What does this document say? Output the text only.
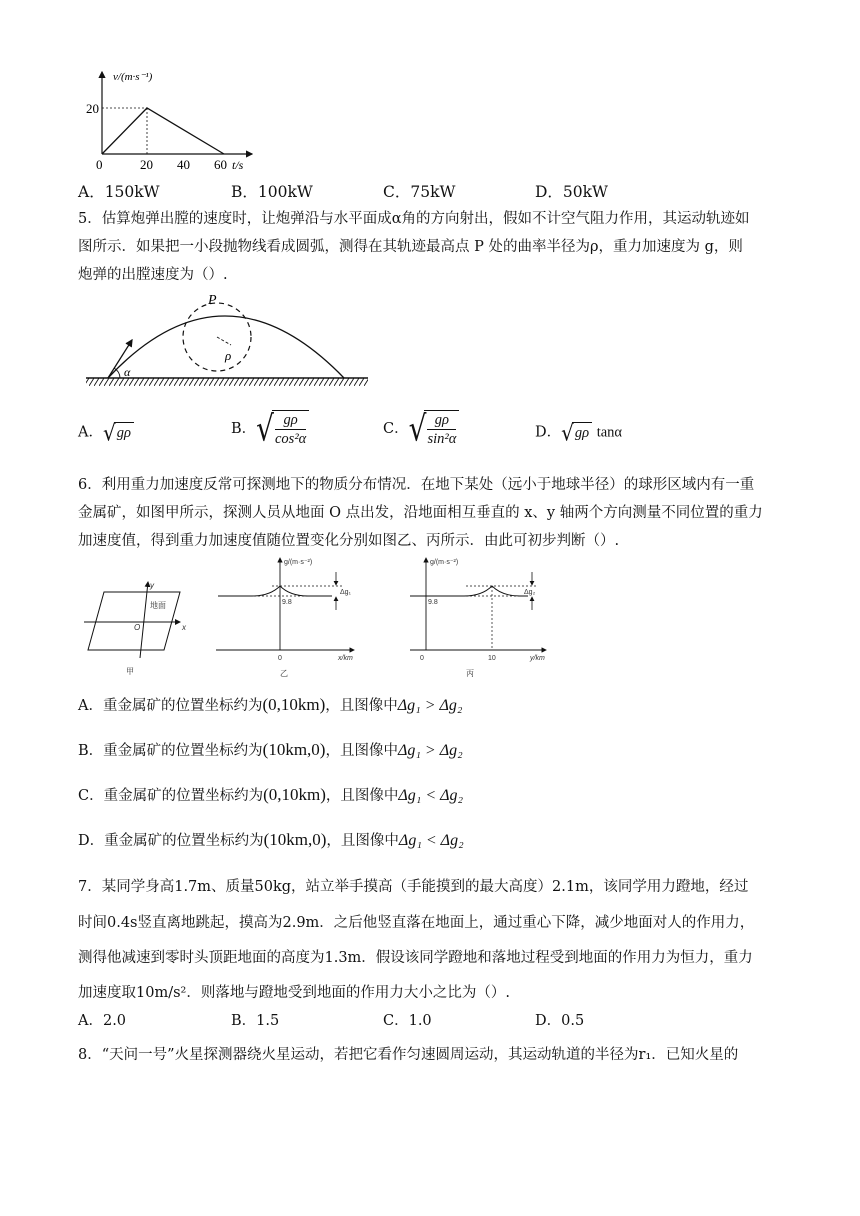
v/(m·s⁻¹)
20
0	20 40 60 t/s
A．150kW	B．100kW	C．75kW	D．50kW
5．估算炮弹出膛的速度时，让炮弹沿与水平面成α角的方向射出，假如不计空气阻力作用，其运动轨迹如
图所示．如果把一小段抛物线看成圆弧，测得在其轨迹最高点 P 处的曲率半径为ρ，重力加速度为 g，则
炮弹的出膛速度为（）.
P
ρ
α
A．√gρ	B．√ $\frac{g\rho}{\text{cos²α}}$	C．√ $\frac{g\rho}{\text{sin²α}}$	D．√gρ tanα
6．利用重力加速度反常可探测地下的物质分布情况．在地下某处（远小于地球半径）的球形区域内有一重
金属矿，如图甲所示，探测人员从地面 O 点出发，沿地面相互垂直的 x、y 轴两个方向测量不同位置的重力
加速度值，得到重力加速度值随位置变化分别如图乙、丙所示．由此可初步判断（）.
y
x
地面
O
甲
g/(m·s⁻²)
9.8
Δg₁
0	x/km
乙
g/(m·s⁻²)
9.8
Δg₂
0	10	y/km
丙
A．重金属矿的位置坐标约为(0,10km)，且图像中Δg₁ > Δg₂
B．重金属矿的位置坐标约为(10km,0)，且图像中Δg₁ > Δg₂
C．重金属矿的位置坐标约为(0,10km)，且图像中Δg₁ < Δg₂
D．重金属矿的位置坐标约为(10km,0)，且图像中Δg₁ < Δg₂
7．某同学身高1.7m、质量50kg，站立举手摸高（手能摸到的最大高度）2.1m，该同学用力蹬地，经过
时间0.4s竖直离地跳起，摸高为2.9m．之后他竖直落在地面上，通过重心下降，减少地面对人的作用力，
测得他减速到零时头顶距地面的高度为1.3m．假设该同学蹬地和落地过程受到地面的作用力为恒力，重力
加速度取10m/s²．则落地与蹬地受到地面的作用力大小之比为（）.
A．2.0	B．1.5	C．1.0	D．0.5
8．“天问一号”火星探测器绕火星运动，若把它看作匀速圆周运动，其运动轨道的半径为r₁．已知火星的
